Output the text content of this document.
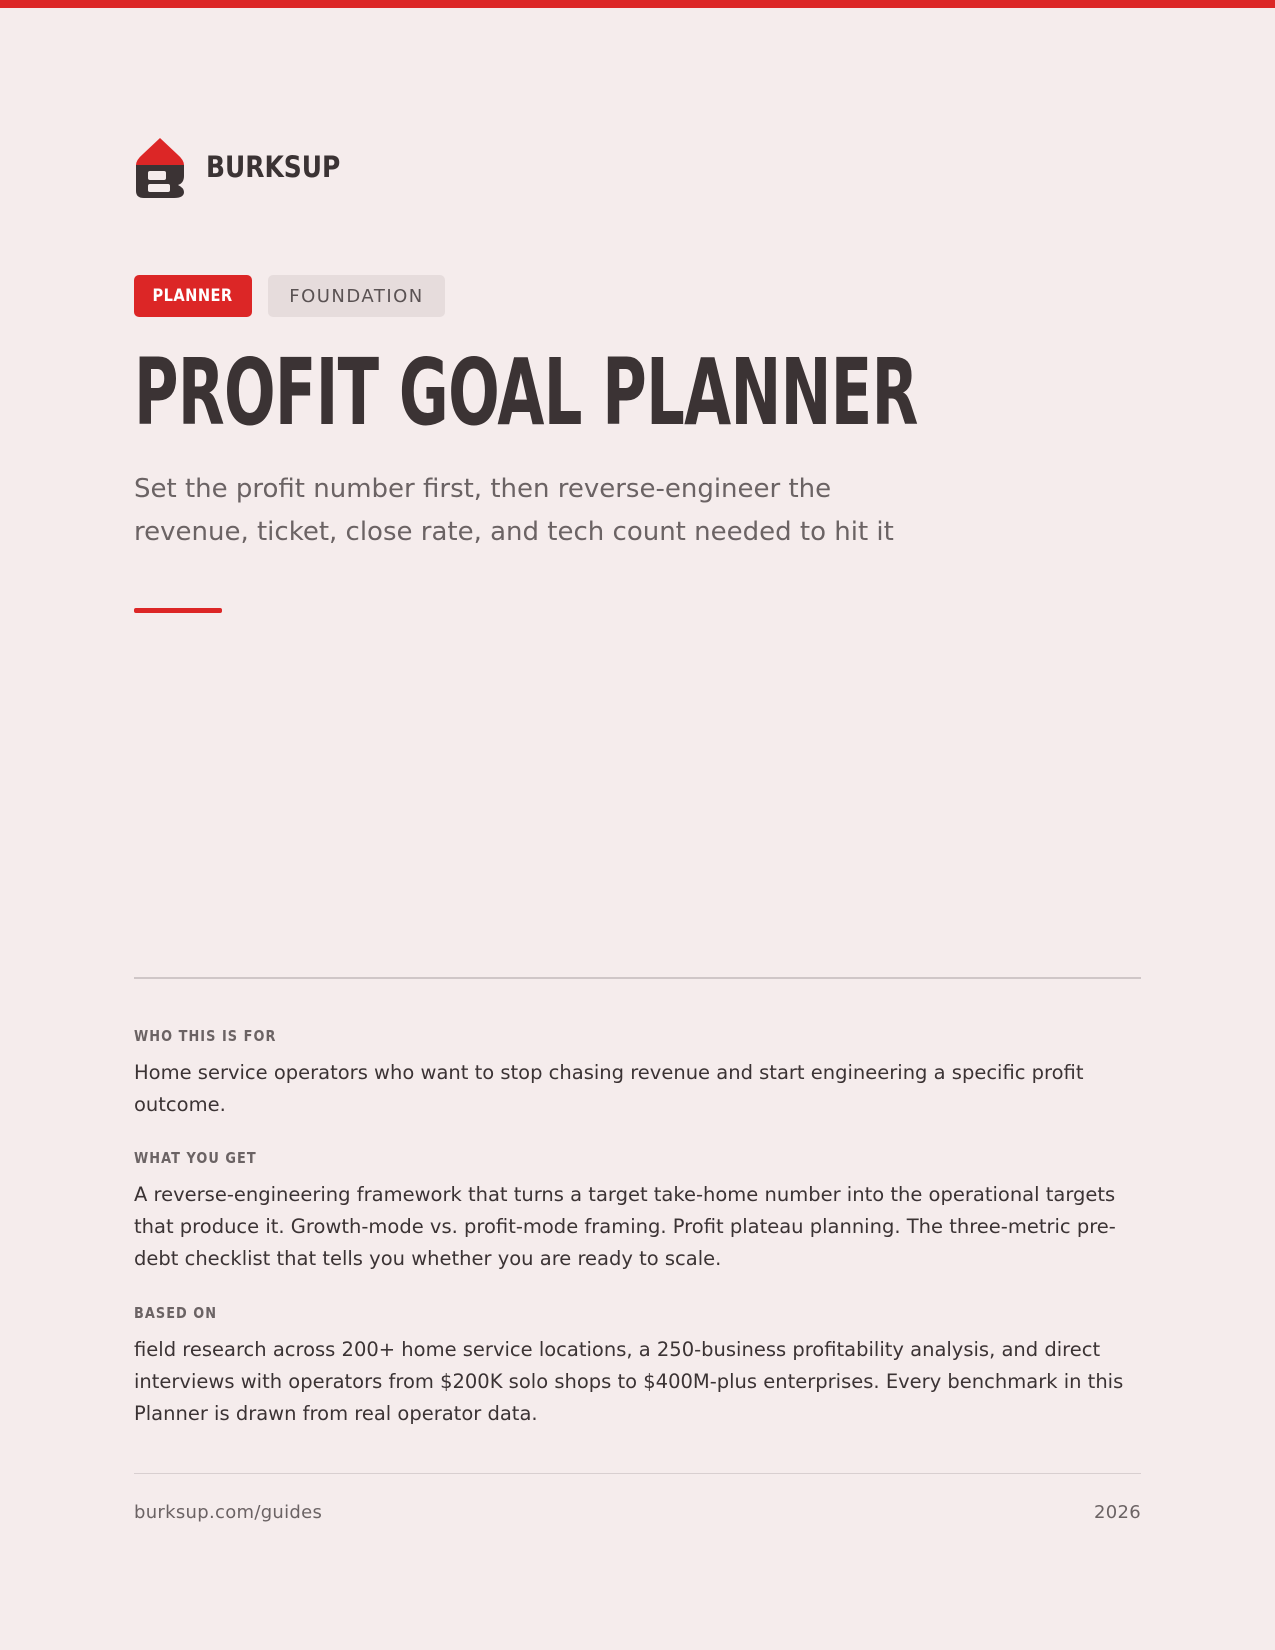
BURKSUP
PLANNER	FOUNDATION
PROFIT GOAL PLANNER

Set the profit number first, then reverse-engineer the revenue, ticket, close rate, and tech count needed to hit it

WHO THIS IS FOR
Home service operators who want to stop chasing revenue and start engineering a specific profit outcome.
WHAT YOU GET
A reverse-engineering framework that turns a target take-home number into the operational targets that produce it. Growth-mode vs. profit-mode framing. Profit plateau planning. The three-metric pre-debt checklist that tells you whether you are ready to scale.
BASED ON
field research across 200+ home service locations, a 250-business profitability analysis, and direct interviews with operators from $200K solo shops to $400M-plus enterprises. Every benchmark in this Planner is drawn from real operator data.
burksup.com/guides	2026
